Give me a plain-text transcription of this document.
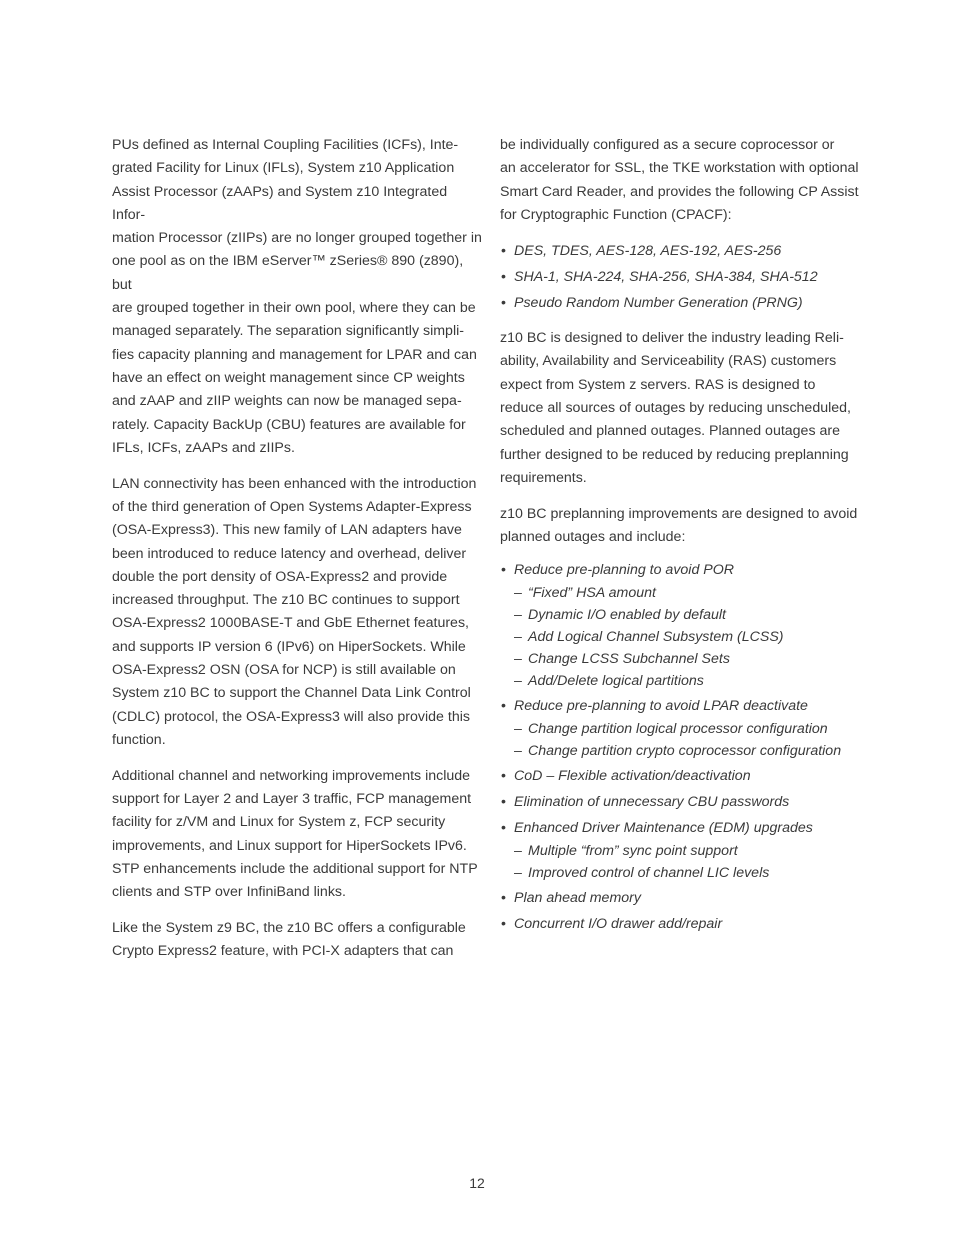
PUs defined as Internal Coupling Facilities (ICFs), Inte-
grated Facility for Linux (IFLs), System z10 Application
Assist Processor (zAAPs) and System z10 Integrated Infor-
mation Processor (zIIPs) are no longer grouped together in
one pool as on the IBM eServer™ zSeries® 890 (z890), but
are grouped together in their own pool, where they can be
managed separately. The separation significantly simpli-
fies capacity planning and management for LPAR and can
have an effect on weight management since CP weights
and zAAP and zIIP weights can now be managed sepa-
rately. Capacity BackUp (CBU) features are available for
IFLs, ICFs, zAAPs and zIIPs.

LAN connectivity has been enhanced with the introduction
of the third generation of Open Systems Adapter-Express
(OSA-Express3). This new family of LAN adapters have
been introduced to reduce latency and overhead, deliver
double the port density of OSA-Express2 and provide
increased throughput. The z10 BC continues to support
OSA-Express2 1000BASE-T and GbE Ethernet features,
and supports IP version 6 (IPv6) on HiperSockets. While
OSA-Express2 OSN (OSA for NCP) is still available on
System z10 BC to support the Channel Data Link Control
(CDLC) protocol, the OSA-Express3 will also provide this
function.

Additional channel and networking improvements include
support for Layer 2 and Layer 3 traffic, FCP management
facility for z/VM and Linux for System z, FCP security
improvements, and Linux support for HiperSockets IPv6.
STP enhancements include the additional support for NTP
clients and STP over InfiniBand links.

Like the System z9 BC, the z10 BC offers a configurable
Crypto Express2 feature, with PCI-X adapters that can

be individually configured as a secure coprocessor or
an accelerator for SSL, the TKE workstation with optional
Smart Card Reader, and provides the following CP Assist
for Cryptographic Function (CPACF):

• DES, TDES, AES-128, AES-192, AES-256
• SHA-1, SHA-224, SHA-256, SHA-384, SHA-512
• Pseudo Random Number Generation (PRNG)

z10 BC is designed to deliver the industry leading Reli-
ability, Availability and Serviceability (RAS) customers
expect from System z servers. RAS is designed to
reduce all sources of outages by reducing unscheduled,
scheduled and planned outages. Planned outages are
further designed to be reduced by reducing preplanning
requirements.

z10 BC preplanning improvements are designed to avoid
planned outages and include:

• Reduce pre-planning to avoid POR
– “Fixed” HSA amount
– Dynamic I/O enabled by default
– Add Logical Channel Subsystem (LCSS)
– Change LCSS Subchannel Sets
– Add/Delete logical partitions
• Reduce pre-planning to avoid LPAR deactivate
– Change partition logical processor configuration
– Change partition crypto coprocessor configuration
• CoD – Flexible activation/deactivation
• Elimination of unnecessary CBU passwords
• Enhanced Driver Maintenance (EDM) upgrades
– Multiple “from” sync point support
– Improved control of channel LIC levels
• Plan ahead memory
• Concurrent I/O drawer add/repair
12
